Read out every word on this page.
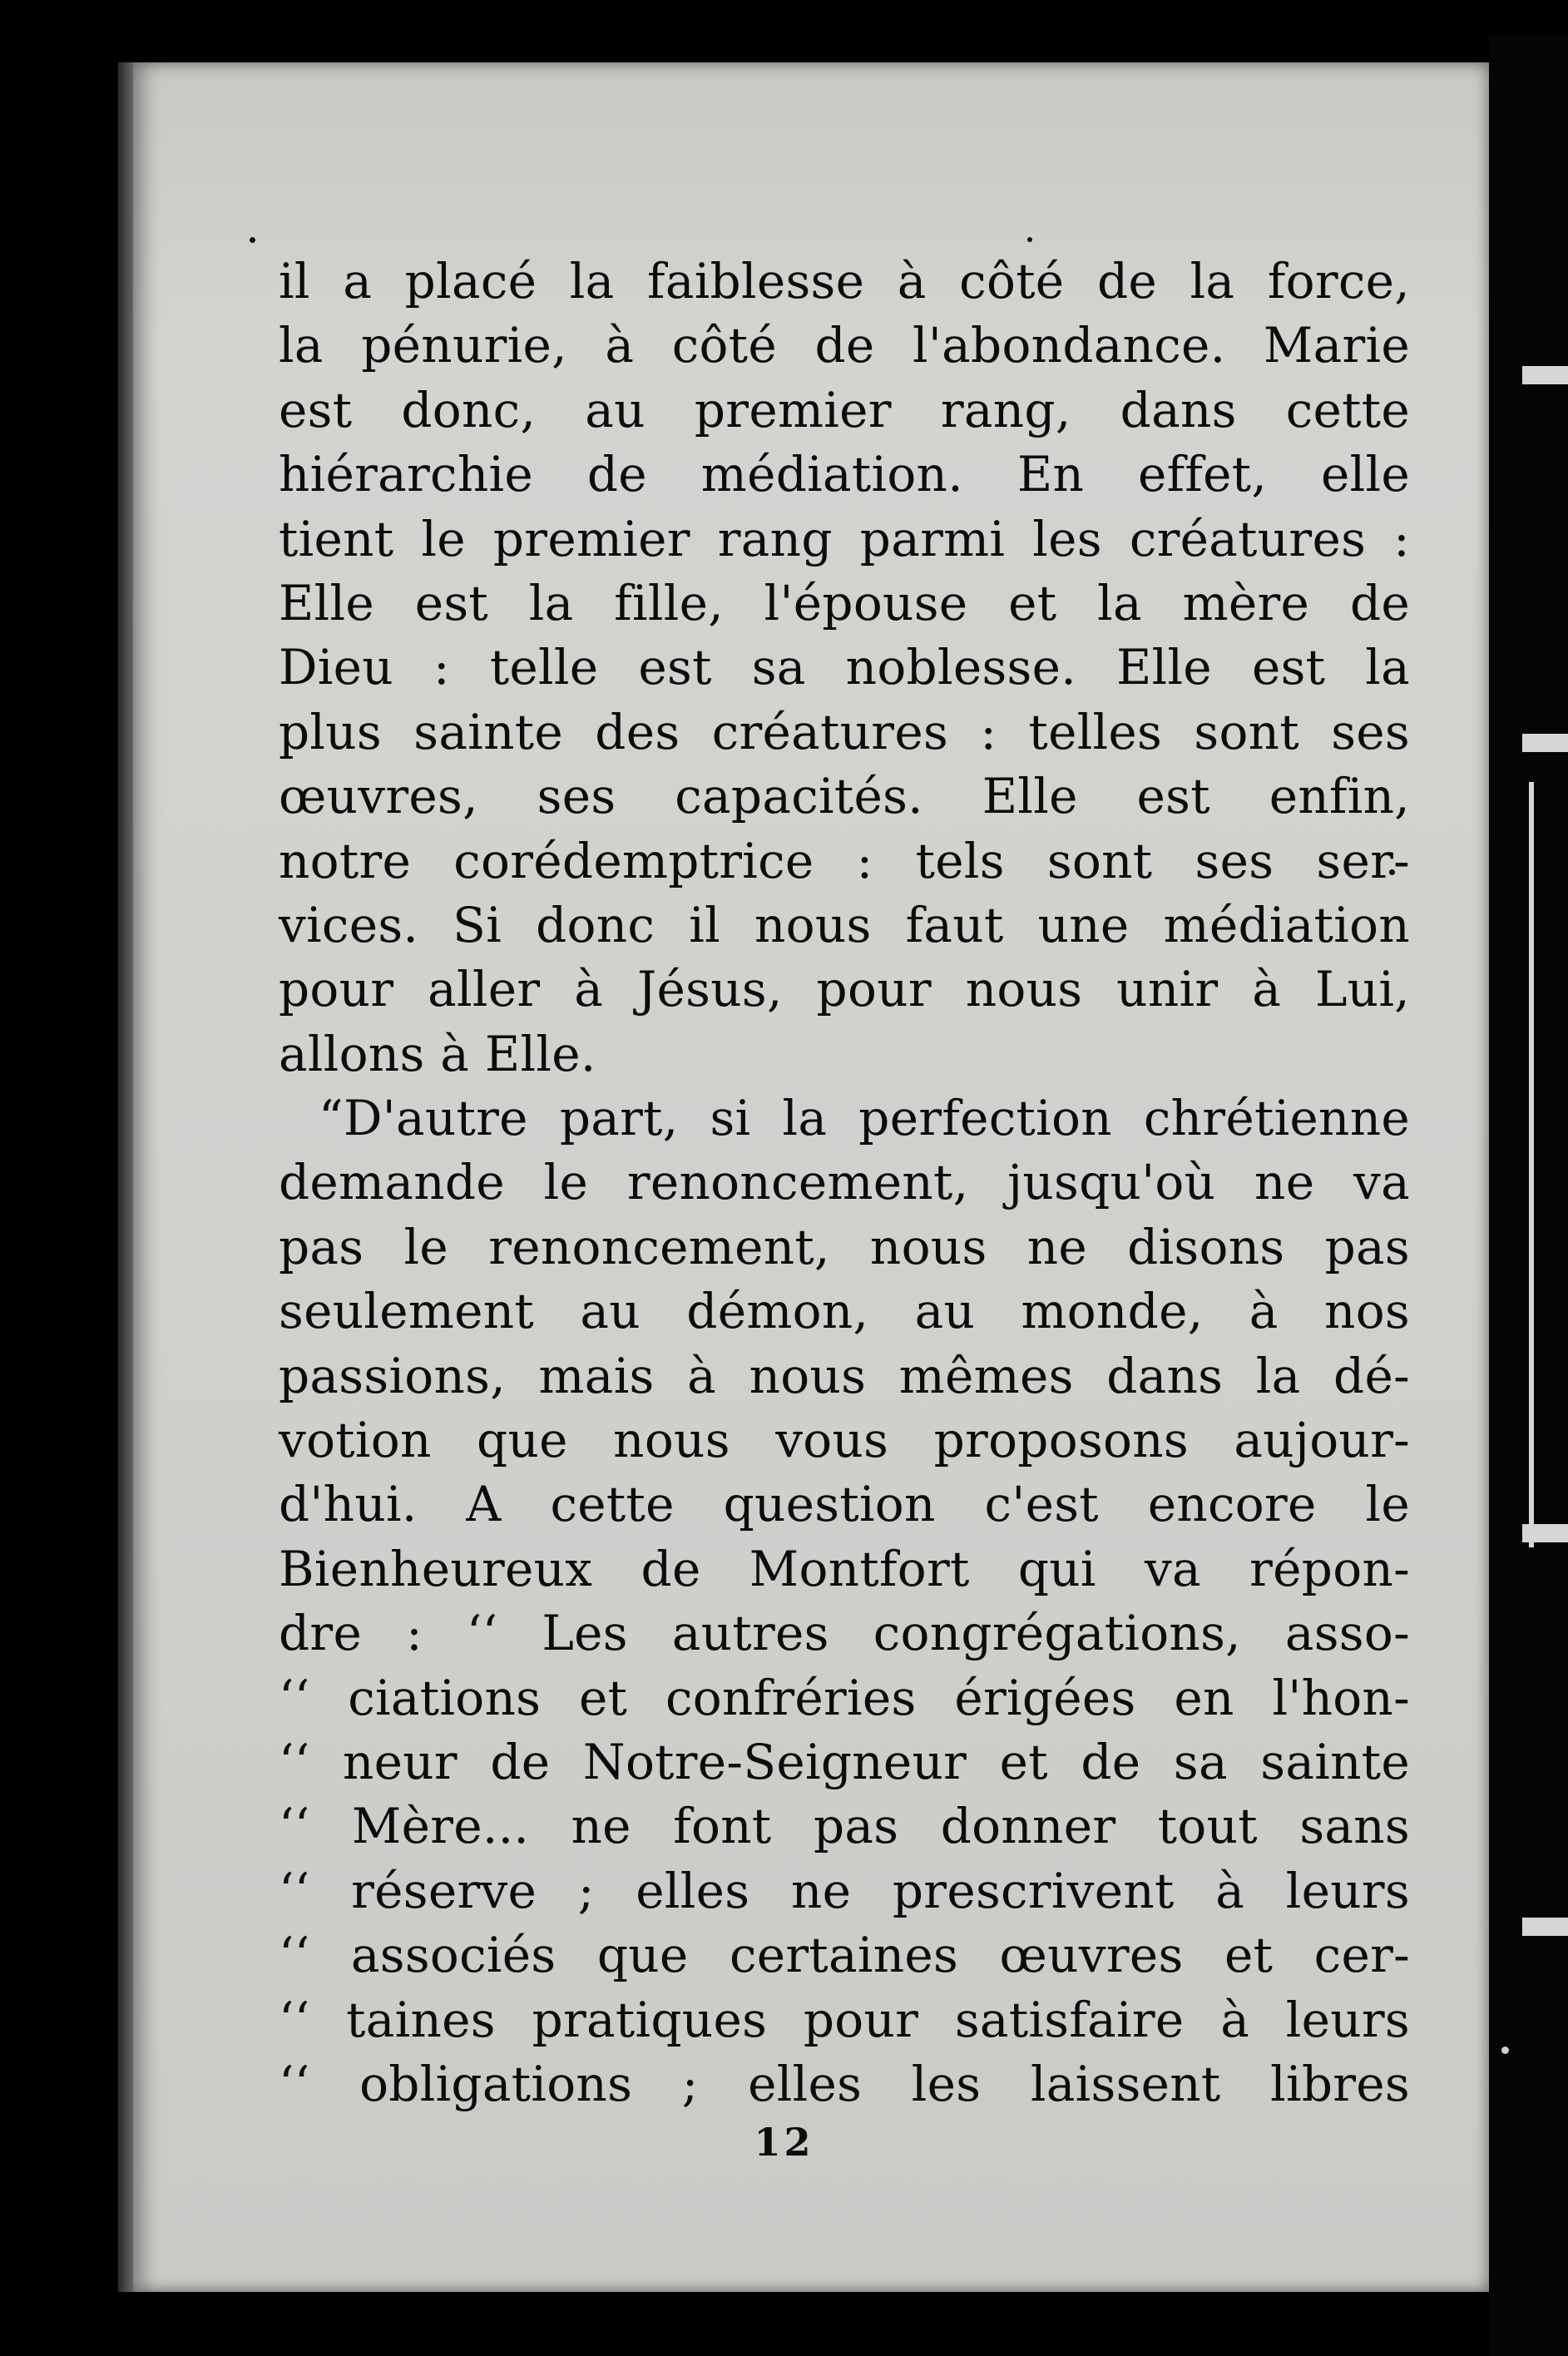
il a placé la faiblesse à côté de la force,
la pénurie, à côté de l'abondance. Marie
est donc, au premier rang, dans cette
hiérarchie de médiation. En effet, elle
tient le premier rang parmi les créatures :
Elle est la fille, l'épouse et la mère de
Dieu : telle est sa noblesse. Elle est la
plus sainte des créatures : telles sont ses
œuvres, ses capacités. Elle est enfin,
notre corédemptrice : tels sont ses ser-
vices. Si donc il nous faut une médiation
pour aller à Jésus, pour nous unir à Lui,
allons à Elle.
“D'autre part, si la perfection chrétienne
demande le renoncement, jusqu'où ne va
pas le renoncement, nous ne disons pas
seulement au démon, au monde, à nos
passions, mais à nous mêmes dans la dé-
votion que nous vous proposons aujour-
d'hui. A cette question c'est encore le
Bienheureux de Montfort qui va répon-
dre : ‘‘ Les autres congrégations, asso-
‘‘ ciations et confréries érigées en l'hon-
‘‘ neur de Notre-Seigneur et de sa sainte
‘‘ Mère... ne font pas donner tout sans
‘‘ réserve ; elles ne prescrivent à leurs
‘‘ associés que certaines œuvres et cer-
‘‘ taines pratiques pour satisfaire à leurs
‘‘ obligations ; elles les laissent libres
12
